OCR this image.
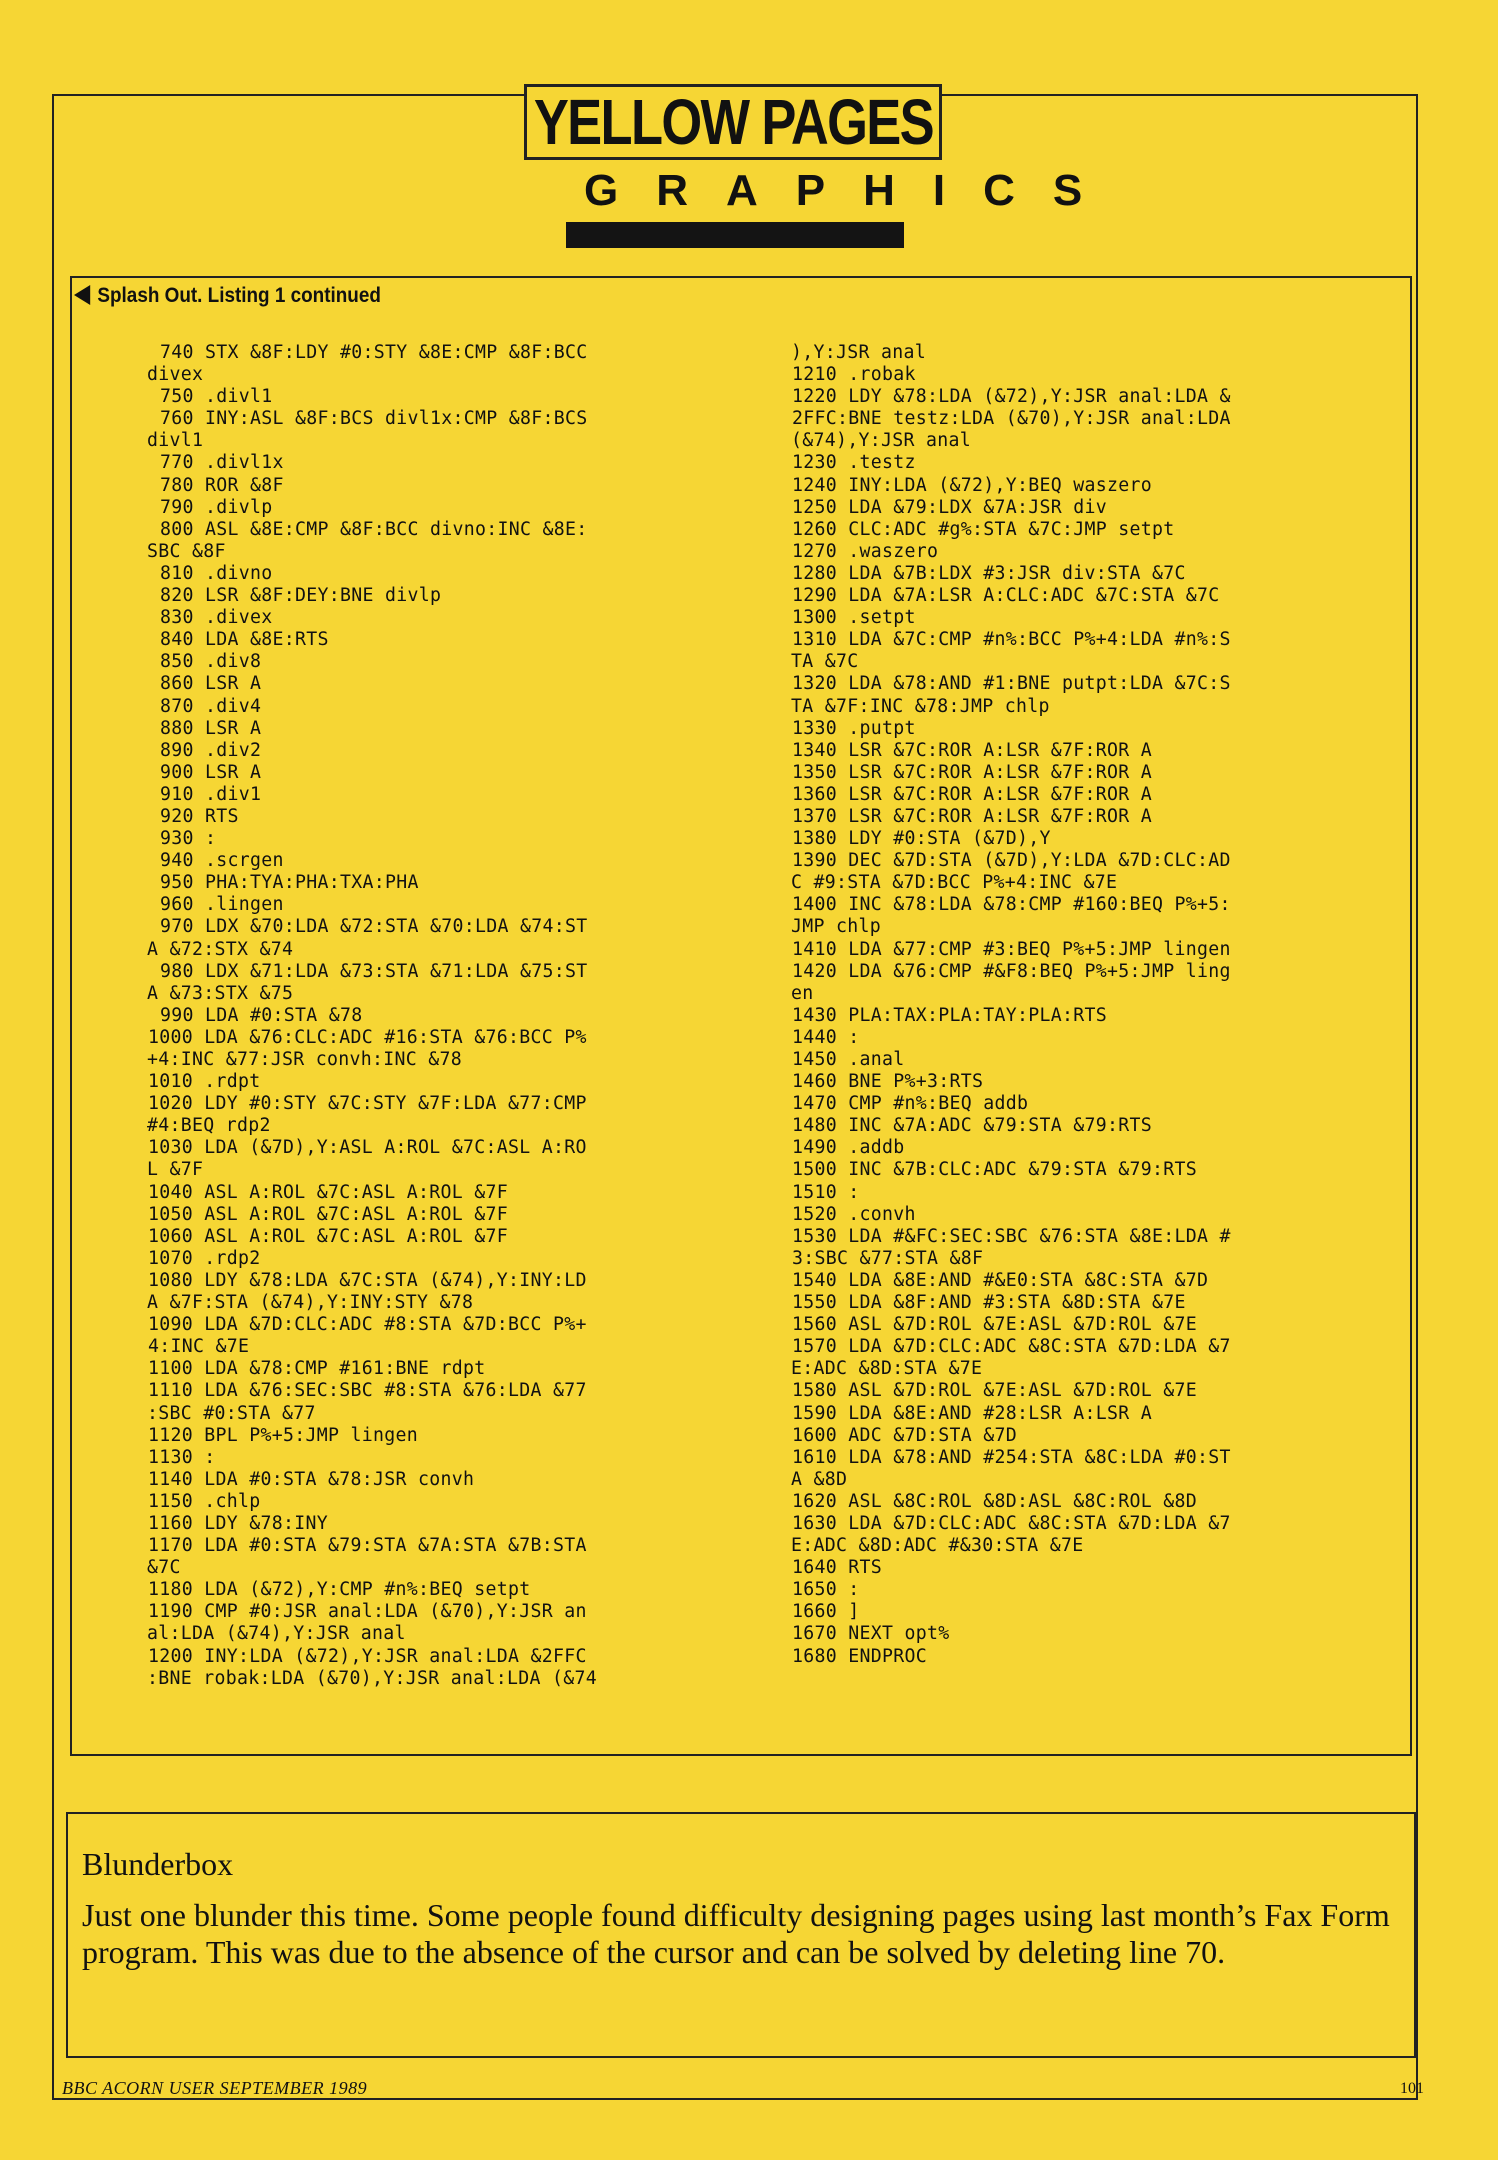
YELLOW PAGES
GRAPHICS
Splash Out. Listing 1 continued
740 STX &8F:LDY #0:STY &8E:CMP &8F:BCC
divex
750 .divl1
760 INY:ASL &8F:BCS divl1x:CMP &8F:BCS
divl1
770 .divl1x
780 ROR &8F
790 .divlp
800 ASL &8E:CMP &8F:BCC divno:INC &8E:
SBC &8F
810 .divno
820 LSR &8F:DEY:BNE divlp
830 .divex
840 LDA &8E:RTS
850 .div8
860 LSR A
870 .div4
880 LSR A
890 .div2
900 LSR A
910 .div1
920 RTS
930 :
940 .scrgen
950 PHA:TYA:PHA:TXA:PHA
960 .lingen
970 LDX &70:LDA &72:STA &70:LDA &74:ST
A &72:STX &74
980 LDX &71:LDA &73:STA &71:LDA &75:ST
A &73:STX &75
990 LDA #0:STA &78
1000 LDA &76:CLC:ADC #16:STA &76:BCC P%
+4:INC &77:JSR convh:INC &78
1010 .rdpt
1020 LDY #0:STY &7C:STY &7F:LDA &77:CMP
#4:BEQ rdp2
1030 LDA (&7D),Y:ASL A:ROL &7C:ASL A:RO
L &7F
1040 ASL A:ROL &7C:ASL A:ROL &7F
1050 ASL A:ROL &7C:ASL A:ROL &7F
1060 ASL A:ROL &7C:ASL A:ROL &7F
1070 .rdp2
1080 LDY &78:LDA &7C:STA (&74),Y:INY:LD
A &7F:STA (&74),Y:INY:STY &78
1090 LDA &7D:CLC:ADC #8:STA &7D:BCC P%+
4:INC &7E
1100 LDA &78:CMP #161:BNE rdpt
1110 LDA &76:SEC:SBC #8:STA &76:LDA &77
:SBC #0:STA &77
1120 BPL P%+5:JMP lingen
1130 :
1140 LDA #0:STA &78:JSR convh
1150 .chlp
1160 LDY &78:INY
1170 LDA #0:STA &79:STA &7A:STA &7B:STA
&7C
1180 LDA (&72),Y:CMP #n%:BEQ setpt
1190 CMP #0:JSR anal:LDA (&70),Y:JSR an
al:LDA (&74),Y:JSR anal
1200 INY:LDA (&72),Y:JSR anal:LDA &2FFC
:BNE robak:LDA (&70),Y:JSR anal:LDA (&74
),Y:JSR anal
1210 .robak
1220 LDY &78:LDA (&72),Y:JSR anal:LDA &
2FFC:BNE testz:LDA (&70),Y:JSR anal:LDA
(&74),Y:JSR anal
1230 .testz
1240 INY:LDA (&72),Y:BEQ waszero
1250 LDA &79:LDX &7A:JSR div
1260 CLC:ADC #g%:STA &7C:JMP setpt
1270 .waszero
1280 LDA &7B:LDX #3:JSR div:STA &7C
1290 LDA &7A:LSR A:CLC:ADC &7C:STA &7C
1300 .setpt
1310 LDA &7C:CMP #n%:BCC P%+4:LDA #n%:S
TA &7C
1320 LDA &78:AND #1:BNE putpt:LDA &7C:S
TA &7F:INC &78:JMP chlp
1330 .putpt
1340 LSR &7C:ROR A:LSR &7F:ROR A
1350 LSR &7C:ROR A:LSR &7F:ROR A
1360 LSR &7C:ROR A:LSR &7F:ROR A
1370 LSR &7C:ROR A:LSR &7F:ROR A
1380 LDY #0:STA (&7D),Y
1390 DEC &7D:STA (&7D),Y:LDA &7D:CLC:AD
C #9:STA &7D:BCC P%+4:INC &7E
1400 INC &78:LDA &78:CMP #160:BEQ P%+5:
JMP chlp
1410 LDA &77:CMP #3:BEQ P%+5:JMP lingen
1420 LDA &76:CMP #&F8:BEQ P%+5:JMP ling
en
1430 PLA:TAX:PLA:TAY:PLA:RTS
1440 :
1450 .anal
1460 BNE P%+3:RTS
1470 CMP #n%:BEQ addb
1480 INC &7A:ADC &79:STA &79:RTS
1490 .addb
1500 INC &7B:CLC:ADC &79:STA &79:RTS
1510 :
1520 .convh
1530 LDA #&FC:SEC:SBC &76:STA &8E:LDA #
3:SBC &77:STA &8F
1540 LDA &8E:AND #&E0:STA &8C:STA &7D
1550 LDA &8F:AND #3:STA &8D:STA &7E
1560 ASL &7D:ROL &7E:ASL &7D:ROL &7E
1570 LDA &7D:CLC:ADC &8C:STA &7D:LDA &7
E:ADC &8D:STA &7E
1580 ASL &7D:ROL &7E:ASL &7D:ROL &7E
1590 LDA &8E:AND #28:LSR A:LSR A
1600 ADC &7D:STA &7D
1610 LDA &78:AND #254:STA &8C:LDA #0:ST
A &8D
1620 ASL &8C:ROL &8D:ASL &8C:ROL &8D
1630 LDA &7D:CLC:ADC &8C:STA &7D:LDA &7
E:ADC &8D:ADC #&30:STA &7E
1640 RTS
1650 :
1660 ]
1670 NEXT opt%
1680 ENDPROC
Blunderbox
Just one blunder this time. Some people found difficulty designing pages using last month’s Fax Form program. This was due to the absence of the cursor and can be solved by deleting line 70.
BBC ACORN USER SEPTEMBER 1989	101
